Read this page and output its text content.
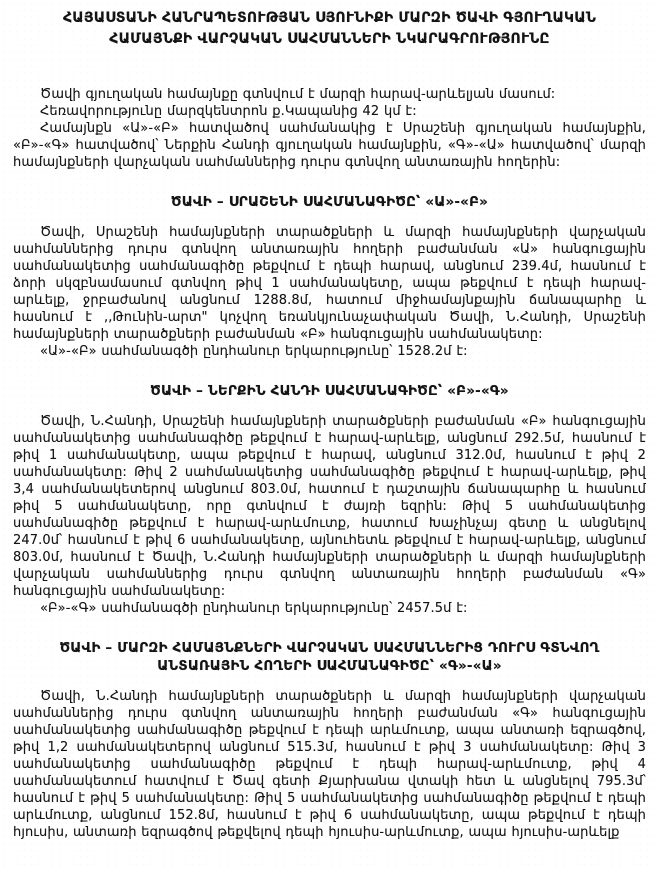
ՀԱՅԱՍՏԱՆԻ ՀԱՆՐԱՊԵՏՈՒԹՅԱՆ ՍՅՈՒՆԻՔԻ ՄԱՐԶԻ ԾԱՎԻ ԳՅՈՒՂԱԿԱՆ ՀԱՄԱՅՆՔԻ ՎԱՐՉԱԿԱՆ ՍԱՀՄԱՆՆԵՐԻ ՆԿԱՐԱԳՐՈՒԹՅՈՒՆԸ

Ծավի գյուղական համայնքը գտնվում է մարզի հարավ-արևելյան մասում:

Հեռավորությունը մարզկենտրոն ք.Կապանից 42 կմ է:

Համայնքն «Ա»-«Բ» հատվածով սահմանակից է Սրաշենի գյուղական համայնքին, «Բ»-«Գ» հատվածով՝ Ներքին Հանդի գյուղական համայնքին, «Գ»-«Ա» հատվածով՝ մարզի համայնքների վարչական սահմաններից դուրս գտնվող անտառային հողերին:

ԾԱՎԻ – ՍՐԱՇԵՆԻ ՍԱՀՄԱՆԱԳԻԾԸ՝ «Ա»-«Բ»

Ծավի, Սրաշենի համայնքների տարածքների և մարզի համայնքների վարչական սահմաններից դուրս գտնվող անտառային հողերի բաժանման «Ա» հանգուցային սահմանակետից սահմանագիծը թեքվում է դեպի հարավ, անցնում 239.4մ, հասնում է ձորի սկզբնամասում գտնվող թիվ 1 սահմանակետը, ապա թեքվում է դեպի հարավ-արևելք, ջրբաժանով անցնում 1288.8մ, հատում միջհամայնքային ճանապարհը և հասնում է ,,Թունին-արտ" կոչվող եռանկյունաչափական Ծավի, Ն.Հանդի, Սրաշենի համայնքների տարածքների բաժանման «Բ» հանգուցային սահմանակետը:

«Ա»-«Բ» սահմանագծի ընդհանուր երկարությունը՝ 1528.2մ է:

ԾԱՎԻ – ՆԵՐՔԻՆ ՀԱՆԴԻ ՍԱՀՄԱՆԱԳԻԾԸ՝ «Բ»-«Գ»

Ծավի, Ն.Հանդի, Սրաշենի համայնքների տարածքների բաժանման «Բ» հանգուցային սահմանակետից սահմանագիծը թեքվում է հարավ-արևելք, անցնում 292.5մ, հասնում է թիվ 1 սահմանակետը, ապա թեքվում է հարավ, անցնում 312.0մ, հասնում է թիվ 2 սահմանակետը: Թիվ 2 սահմանակետից սահմանագիծը թեքվում է հարավ-արևելք, թիվ 3,4 սահմանակետերով անցնում 803.0մ, հատում է դաշտային ճանապարհը և հասնում թիվ 5 սահմանակետը, որը գտնվում է ժայռի եզրին: Թիվ 5 սահմանակետից սահմանագիծը թեքվում է հարավ-արևմուտք, հատում Խաչինչայ գետը և անցնելով 247.0մ՝ հասնում է թիվ 6 սահմանակետը, այնուհետև թեքվում է հարավ-արևելք, անցնում 803.0մ, հասնում է Ծավի, Ն.Հանդի համայնքների տարածքների և մարզի համայնքների վարչական սահմաններից դուրս գտնվող անտառային հողերի բաժանման «Գ» հանգուցային սահմանակետը:

«Բ»-«Գ» սահմանագծի ընդհանուր երկարությունը՝ 2457.5մ է:

ԾԱՎԻ – ՄԱՐԶԻ ՀԱՄԱՅՆՔՆԵՐԻ ՎԱՐՉԱԿԱՆ ՍԱՀՄԱՆՆԵՐԻՑ ԴՈՒՐՍ ԳՏՆՎՈՂ ԱՆՏԱՌԱՅԻՆ ՀՈՂԵՐԻ ՍԱՀՄԱՆԱԳԻԾԸ՝ «Գ»-«Ա»

Ծավի, Ն.Հանդի համայնքների տարածքների և մարզի համայնքների վարչական սահմաններից դուրս գտնվող անտառային հողերի բաժանման «Գ» հանգուցային սահմանակետից սահմանագիծը թեքվում է դեպի արևմուտք, ապա անտառի եզրագծով, թիվ 1,2 սահմանակետերով անցնում 515.3մ, հասնում է թիվ 3 սահմանակետը: Թիվ 3 սահմանակետից սահմանագիծը թեքվում է դեպի հարավ-արևմուտք, թիվ 4 սահմանակետում հատվում է Ծավ գետի Քյարխանա վտակի հետ և անցնելով 795.3մ՝ հասնում է թիվ 5 սահմանակետը: Թիվ 5 սահմանակետից սահմանագիծը թեքվում է դեպի արևմուտք, անցնում 152.8մ, հասնում է թիվ 6 սահմանակետը, ապա թեքվում է դեպի հյուսիս, անտառի եզրագծով թեքվելով դեպի հյուսիս-արևմուտք, ապա հյուսիս-արևելք
